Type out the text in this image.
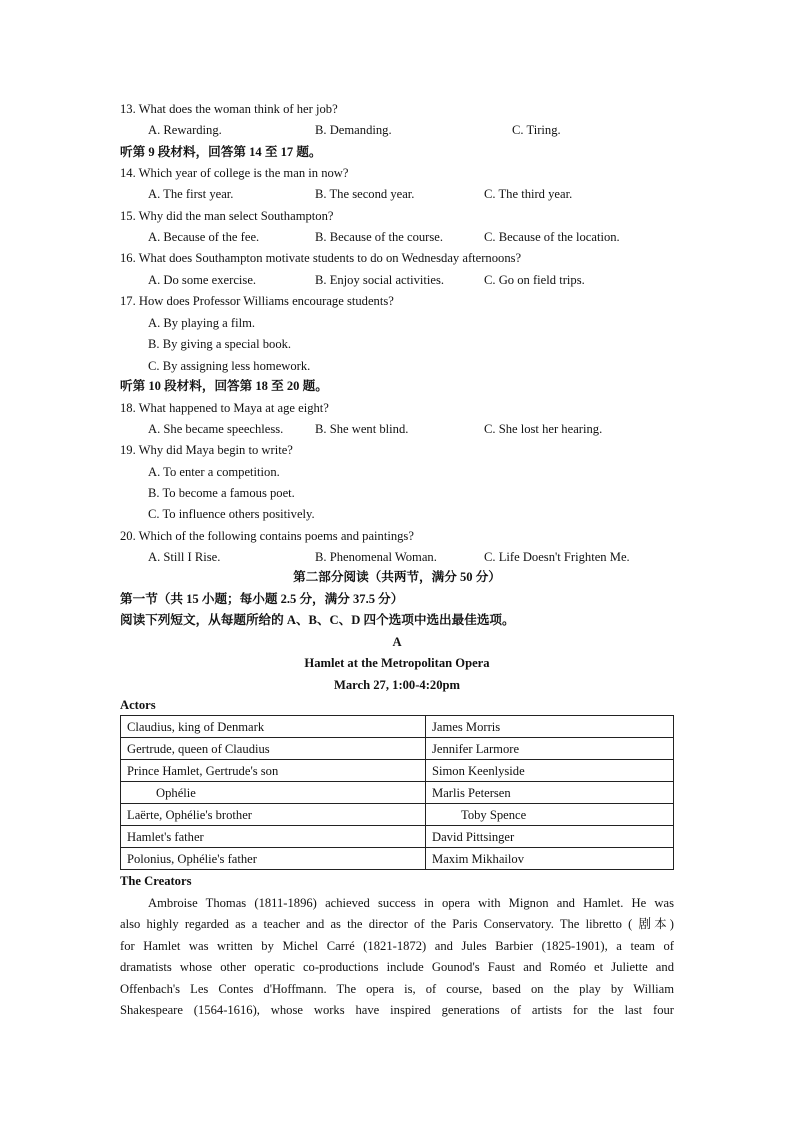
13. What does the woman think of her job?
A. Rewarding.	B. Demanding.	C. Tiring.
听第 9 段材料，回答第 14 至 17 题。
14. Which year of college is the man in now?
A. The first year.	B. The second year.	C. The third year.
15. Why did the man select Southampton?
A. Because of the fee.	B. Because of the course.	C. Because of the location.
16. What does Southampton motivate students to do on Wednesday afternoons?
A. Do some exercise.	B. Enjoy social activities.	C. Go on field trips.
17. How does Professor Williams encourage students?
A. By playing a film.
B. By giving a special book.
C. By assigning less homework.
听第 10 段材料，回答第 18 至 20 题。
18. What happened to Maya at age eight?
A. She became speechless.	B. She went blind.	C. She lost her hearing.
19. Why did Maya begin to write?
A. To enter a competition.
B. To become a famous poet.
C. To influence others positively.
20. Which of the following contains poems and paintings?
A. Still I Rise.	B. Phenomenal Woman.	C. Life Doesn't Frighten Me.
第二部分阅读（共两节，满分 50 分）
第一节（共 15 小题；每小题 2.5 分，满分 37.5 分）
阅读下列短文，从每题所给的 A、B、C、D 四个选项中选出最佳选项。
A
Hamlet at the Metropolitan Opera
March 27, 1:00-4:20pm
Actors
Claudius, king of Denmark	James Morris
Gertrude, queen of Claudius	Jennifer Larmore
Prince Hamlet, Gertrude's son	Simon Keenlyside
Ophélie	Marlis Petersen
Laërte, Ophélie's brother	Toby Spence
Hamlet's father	David Pittsinger
Polonius, Ophélie's father	Maxim Mikhailov
The Creators
Ambroise Thomas (1811-1896) achieved success in opera with Mignon and Hamlet. He was
also highly regarded as a teacher and as the director of the Paris Conservatory. The libretto ( 剧本)
for Hamlet was written by Michel Carré (1821-1872) and Jules Barbier (1825-1901), a team of
dramatists whose other operatic co-productions include Gounod's Faust and Roméo et Juliette and
Offenbach's Les Contes d'Hoffmann. The opera is, of course, based on the play by William
Shakespeare (1564-1616), whose works have inspired generations of artists for the last four
